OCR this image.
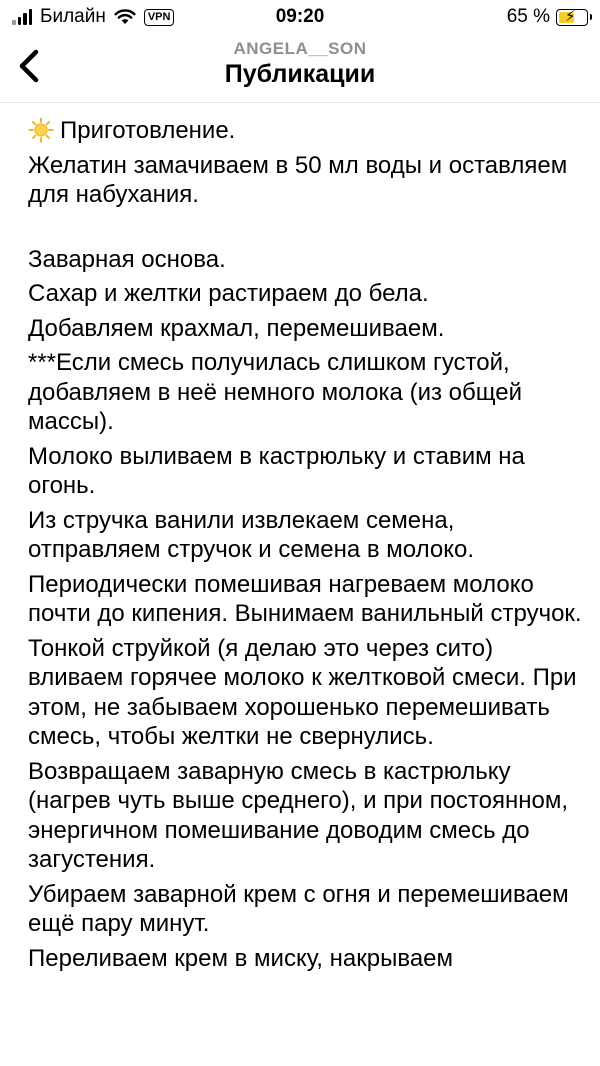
Билайн	VPN	09:20	65 % ⚡
ANGELA__SON
Публикации

Приготовление.

Желатин замачиваем в 50 мл воды и оставляем для набухания.

Заварная основа.

Сахар и желтки растираем до бела.

Добавляем крахмал, перемешиваем.

***Если смесь получилась слишком густой, добавляем в неё немного молока (из общей массы).

Молоко выливаем в кастрюльку и ставим на огонь.

Из стручка ванили извлекаем семена, отправляем стручок и семена в молоко.

Периодически помешивая нагреваем молоко почти до кипения. Вынимаем ванильный стручок.

Тонкой струйкой (я делаю это через сито) вливаем горячее молоко к желтковой смеси. При этом, не забываем хорошенько перемешивать смесь, чтобы желтки не свернулись.

Возвращаем заварную смесь в кастрюльку (нагрев чуть выше среднего), и при постоянном, энергичном помешивание доводим смесь до загустения.

Убираем заварной крем с огня и перемешиваем ещё пару минут.

Переливаем крем в миску, накрываем
